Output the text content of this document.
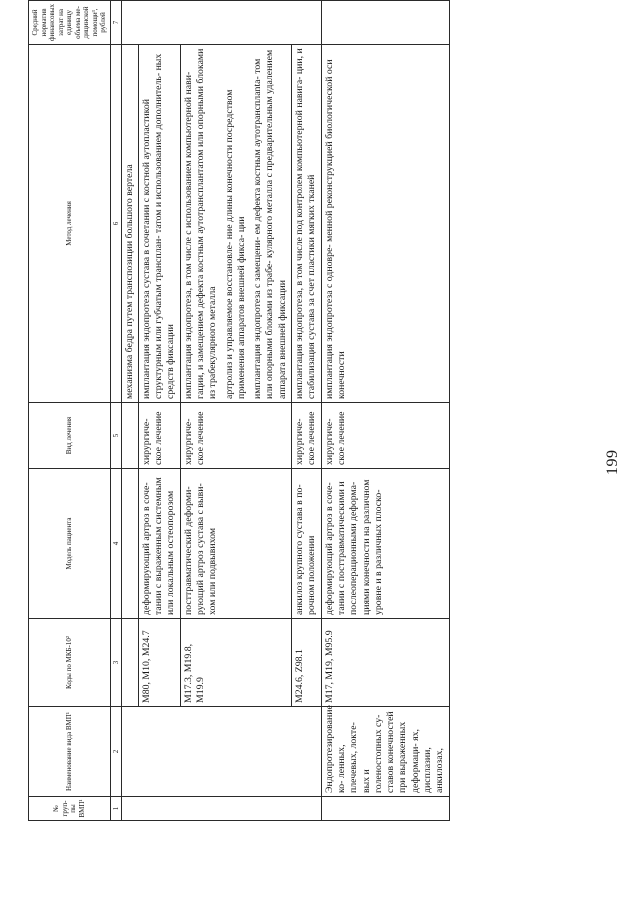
№ груп- пы ВМП¹	Наименование вида ВМП¹	Коды по МКБ-10²	Модель пациента	Вид лечения	Метод лечения	Средний норматив финансовых затрат на единицу объема ме- дицинской помощи³, рублей
1	2	3	4	5	6	7
					механизма бедра путем транспозиции большого вертела	
		M80, M10, M24.7	деформирующий артроз в соче- тании с выраженным системным или локальным остеопорозом	хирургиче- ское лечение	имплантация эндопротеза сустава в сочетании с костной аутопластикой структурным или губчатым трансплан- татом и использованием дополнитель- ных средств фиксации	
		M17.3, M19.8, M19.9	посттравматический деформи- рующий артроз сустава с выви- хом или подвывихом	хирургиче- ское лечение	имплантация эндопротеза, в том числе с использованием компьютерной нави- гации, и замещением дефекта костным аутотрансплантатом или опорными блоками из трабекулярного металла артролиз и управляемое восстановле- ние длины конечности посредством применения аппаратов внешней фикса- ции имплантация эндопротеза с замещени- ем дефекта костным аутотрансплanta- том или опорными блоками из трабе- кулярного металла с предварительным удалением аппарата внешней фиксации	

		M24.6, Z98.1	анкилоз крупного сустава в по- рочном положении	хирургиче- ское лечение	имплантация эндопротеза, в том числе под контролем компьютерной навига- ции, и стабилизация сустава за счет пластики мягких тканей	
	Эндопротезирование ко- ленных, плечевых, локте- вых и голеностопных су- ставов конечностей при выраженных деформаци- ях, дисплазии, анкилозах,	M17, M19, M95.9	деформирующий артроз в соче- тании с посттравматическими и послеоперационными деформа- циями конечности на различном уровне и в различных плоско-	хирургиче- ское лечение	имплантация эндопротеза с одновре- менной реконструкцией биологической оси конечности	
199
